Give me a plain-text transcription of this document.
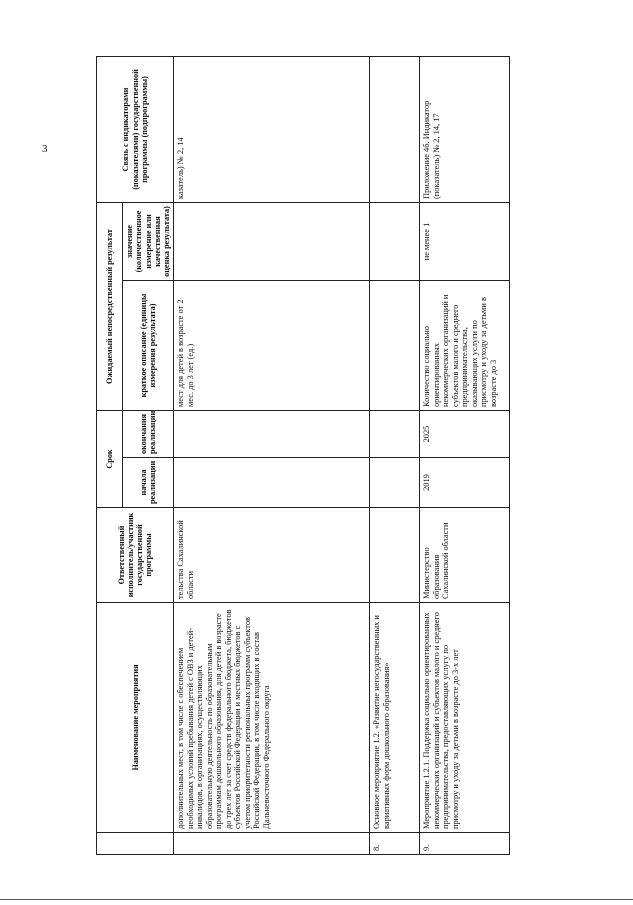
3
	Наименование мероприятия	Ответственный исполнитель/участник государственной программы	Срок		Ожидаемый непосредственный результат		Связь с индикаторами (показателями) государственной программы (подпрограммы)
			начала реализации	окончания реализации	краткое описание (единицы измерения результата)	значение (количественное измерение или качественная оценка результата)	
	дополнительных мест, в том числе с обеспечением необходимых условий пребывания детей с ОВЗ и детей-инвалидов, в организациях, осуществляющих образовательную деятельность по образовательным программам дошкольного образования, для детей в возрасте до трех лет за счет средств федерального бюджета, бюджетов субъектов Российской Федерации и местных бюджетов с учетом приоритетности региональных программ субъектов Российской Федерации, в том числе входящих в состав Дальневосточного Федерального округа	тельства Сахалинской области			мест для детей в возрасте от 2 мес. до 3 лет (ед.)		казатель) № 2, 14
8.	Основное мероприятие 1.2. «Развитие негосударственных и вариативных форм дошкольного образования»						
9.	Мероприятие 1.2.1. Поддержка социально ориентированных некоммерческих организаций и субъектов малого и среднего предпринимательства, предоставляющих услугу по присмотру и уходу за детьми в возрасте до 3-х лет	Министерство образования Сахалинской области	2019	2025	Количество социально ориентированных некоммерческих организаций и субъектов малого и среднего предпринимательства, оказывающих услуги по присмотру и уходу за детьми в возрасте до 3	не менее 1	Приложение 4б. Индикатор (показатель) № 2, 14, 17
